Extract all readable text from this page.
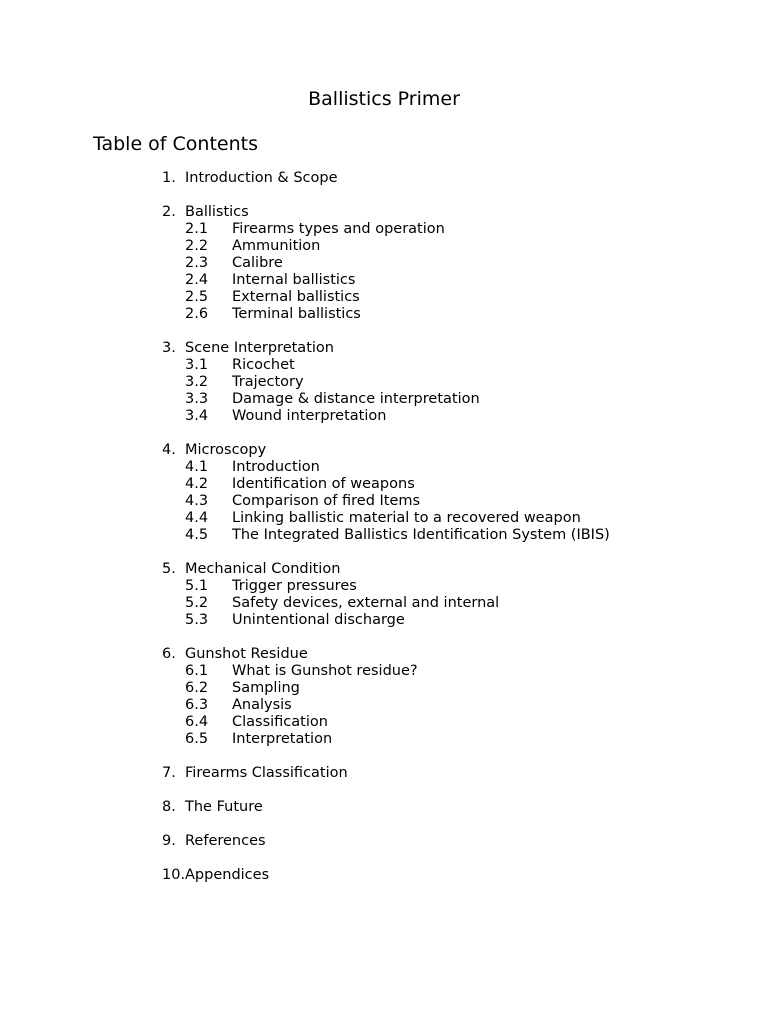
Ballistics Primer
Table of Contents
1. Introduction & Scope
2. Ballistics
2.1 Firearms types and operation
2.2 Ammunition
2.3 Calibre
2.4 Internal ballistics
2.5 External ballistics
2.6 Terminal ballistics
3. Scene Interpretation
3.1 Ricochet
3.2 Trajectory
3.3 Damage & distance interpretation
3.4 Wound interpretation
4. Microscopy
4.1 Introduction
4.2 Identification of weapons
4.3 Comparison of fired Items
4.4 Linking ballistic material to a recovered weapon
4.5 The Integrated Ballistics Identification System (IBIS)
5. Mechanical Condition
5.1 Trigger pressures
5.2 Safety devices, external and internal
5.3 Unintentional discharge
6. Gunshot Residue
6.1 What is Gunshot residue?
6.2 Sampling
6.3 Analysis
6.4 Classification
6.5 Interpretation
7. Firearms Classification
8. The Future
9. References
10. Appendices
